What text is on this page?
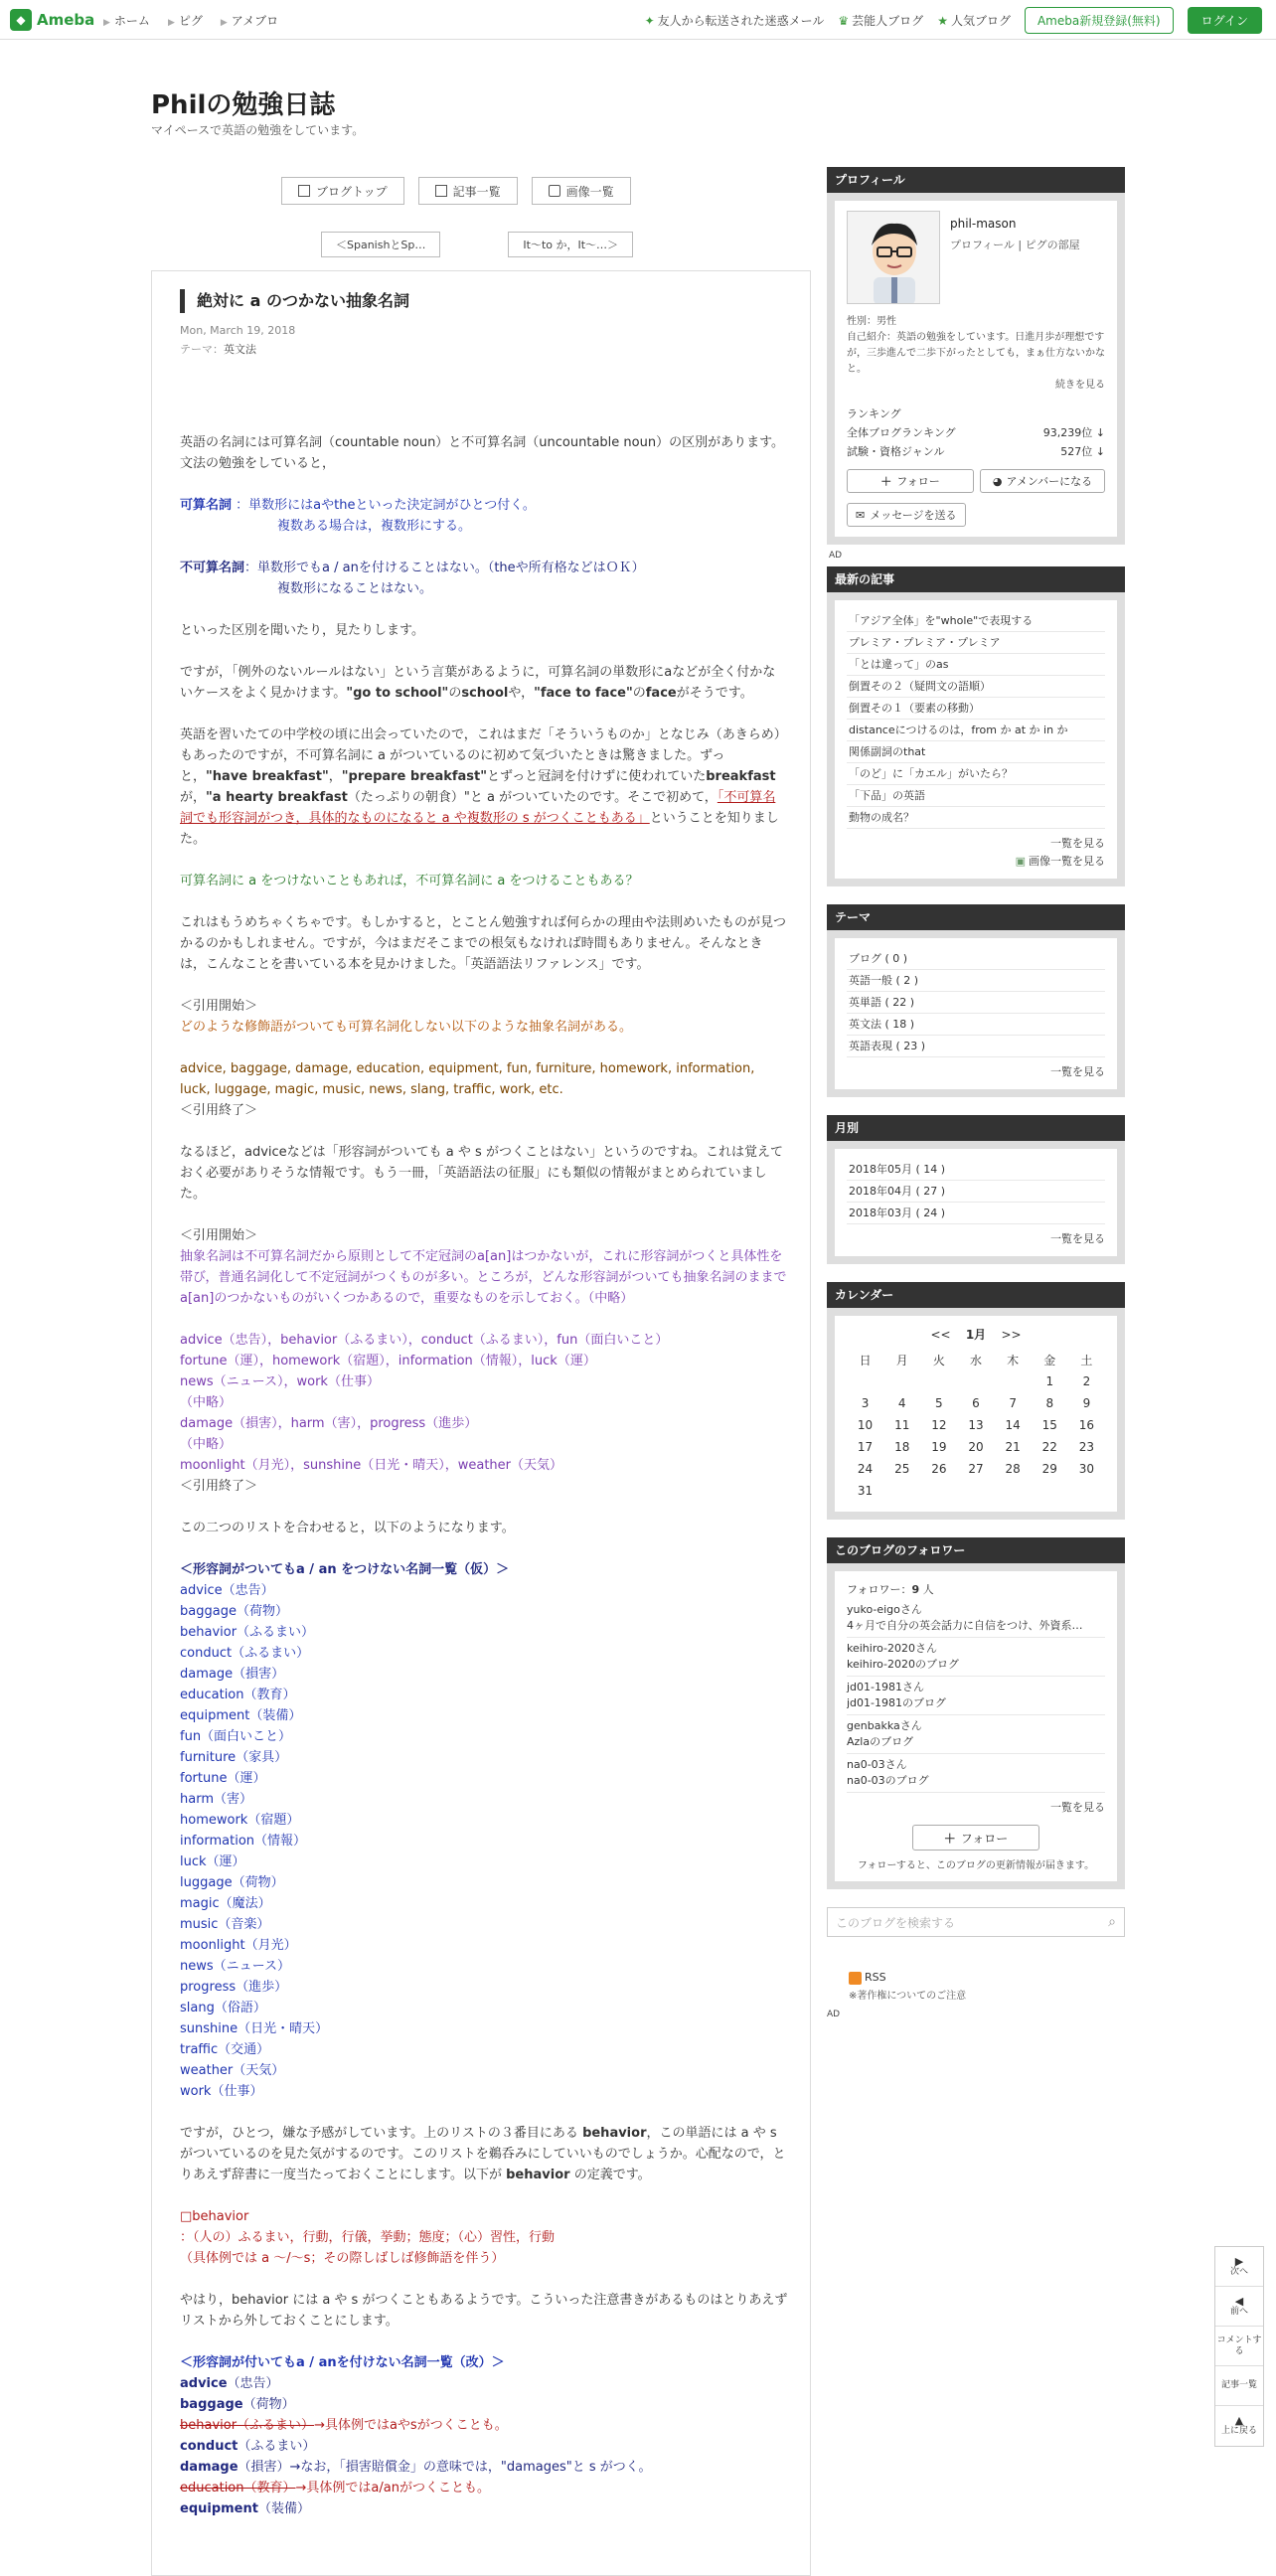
◆ Ameba ▶ ホーム ▶ ピグ ▶ アメブロ	✦ 友人から転送された迷惑メール ♛ 芸能人ブログ ★ 人気ブログ	Ameba新規登録(無料)	ログイン
Philの勉強日誌
マイペースで英語の勉強をしています。
ブログトップ	記事一覧	画像一覧
＜SpanishとSp…	It～to か，It～…＞
絶対に a のつかない抽象名詞
Mon, March 19, 2018
テーマ：英文法

英語の名詞には可算名詞（countable noun）と不可算名詞（uncountable noun）の区別があります。文法の勉強をしていると，

可算名詞 ：単数形にはaやtheといった決定詞がひとつ付く。

複数ある場合は，複数形にする。

不可算名詞：単数形でもa / anを付けることはない。（theや所有格などはＯＫ）

複数形になることはない。

といった区別を聞いたり，見たりします。

ですが，「例外のないルールはない」という言葉があるように，可算名詞の単数形にaなどが全く付かないケースをよく見かけます。"go to school"のschoolや，"face to face"のfaceがそうです。

英語を習いたての中学校の頃に出会っていたので，これはまだ「そういうものか」となじみ（あきらめ）もあったのですが，不可算名詞に a がついているのに初めて気づいたときは驚きました。ずっと，"have breakfast"，"prepare breakfast"とずっと冠詞を付けずに使われていたbreakfastが，"a hearty breakfast（たっぷりの朝食）"と a がついていたのです。そこで初めて，「不可算名詞でも形容詞がつき，具体的なものになると a や複数形の s がつくこともある」ということを知りました。

可算名詞に a をつけないこともあれば，不可算名詞に a をつけることもある？

これはもうめちゃくちゃです。もしかすると，とことん勉強すれば何らかの理由や法則めいたものが見つかるのかもしれません。ですが，今はまだそこまでの根気もなければ時間もありません。そんなときは，こんなことを書いている本を見かけました。「英語語法リファレンス」です。

＜引用開始＞

どのような修飾語がついても可算名詞化しない以下のような抽象名詞がある。

advice, baggage, damage, education, equipment, fun, furniture, homework, information, luck, luggage, magic, music, news, slang, traffic, work, etc.

＜引用終了＞

なるほど，adviceなどは「形容詞がついても a や s がつくことはない」というのですね。これは覚えておく必要がありそうな情報です。もう一冊，「英語語法の征服」にも類似の情報がまとめられていました。

＜引用開始＞

抽象名詞は不可算名詞だから原則として不定冠詞のa[an]はつかないが，これに形容詞がつくと具体性を帯び，普通名詞化して不定冠詞がつくものが多い。ところが，どんな形容詞がついても抽象名詞のままでa[an]のつかないものがいくつかあるので，重要なものを示しておく。（中略）

advice（忠告），behavior（ふるまい），conduct（ふるまい），fun（面白いこと）

fortune（運），homework（宿題），information（情報），luck（運）

news（ニュース），work（仕事）

（中略）

damage（損害），harm（害），progress（進歩）

（中略）

moonlight（月光），sunshine（日光・晴天），weather（天気）

＜引用終了＞

この二つのリストを合わせると，以下のようになります。

＜形容詞がついてもa / an をつけない名詞一覧（仮）＞

advice（忠告）

baggage（荷物）

behavior（ふるまい）

conduct（ふるまい）

damage（損害）

education（教育）

equipment（装備）

fun（面白いこと）

furniture（家具）

fortune（運）

harm（害）

homework（宿題）

information（情報）

luck（運）

luggage（荷物）

magic（魔法）

music（音楽）

moonlight（月光）

news（ニュース）

progress（進歩）

slang（俗語）

sunshine（日光・晴天）

traffic（交通）

weather（天気）

work（仕事）

ですが，ひとつ，嫌な予感がしています。上のリストの３番目にある behavior，この単語には a や s がついているのを見た気がするのです。このリストを鵜呑みにしていいものでしょうか。心配なので，とりあえず辞書に一度当たっておくことにします。以下が behavior の定義です。

□behavior

：（人の）ふるまい，行動，行儀，挙動；態度；（心）習性，行動

（具体例では a ～/～s；その際しばしば修飾語を伴う）

やはり，behavior には a や s がつくこともあるようです。こういった注意書きがあるものはとりあえずリストから外しておくことにします。

＜形容詞が付いてもa / anを付けない名詞一覧（改）＞

advice（忠告）

baggage（荷物）

behavior（ふるまい）→具体例ではaやsがつくことも。

conduct（ふるまい）

damage（損害）→なお，「損害賠償金」の意味では，"damages"と s がつく。

education（教育）→具体例ではa/anがつくことも。

equipment（装備）

プロフィール
phil-mason
プロフィール | ピグの部屋
性別：男性
自己紹介：英語の勉強をしています。日進月歩が理想ですが，三歩進んで二歩下がったとしても，まぁ仕方ないかなと。
続きを見る
ランキング
全体ブログランキング	93,239位 ↓
試験・資格ジャンル	527位 ↓
＋ フォロー	◕ アメンバーになる
✉ メッセージを送る
AD
最新の記事
「アジア全体」を"whole"で表現する
プレミア・プレミア・プレミア
「とは違って」のas
倒置その２（疑問文の語順）
倒置その１（要素の移動）
distanceにつけるのは，from か at か in か
関係副詞のthat
「のど」に「カエル」がいたら？
「下品」の英語
動物の成名？
一覧を見る
▣ 画像一覧を見る
テーマ
ブログ ( 0 )
英語一般 ( 2 )
英単語 ( 22 )
英文法 ( 18 )
英語表現 ( 23 )
一覧を見る
月別
2018年05月 ( 14 )
2018年04月 ( 27 )
2018年03月 ( 24 )
一覧を見る
カレンダー
<< 1月 >>
日	月	火	水	木	金	土
					1	2
3	4	5	6	7	8	9
10	11	12	13	14	15	16
17	18	19	20	21	22	23
24	25	26	27	28	29	30
31						
このブログのフォロワー
フォロワー：9 人
yuko-eigoさん
4ヶ月で自分の英会話力に自信をつけ、外資系…
keihiro-2020さん
keihiro-2020のブログ
jd01-1981さん
jd01-1981のブログ
genbakkaさん
Azlaのブログ
na0-03さん
na0-03のブログ
一覧を見る
＋ フォロー
フォローすると、このブログの更新情報が届きます。
このブログを検索する	⌕
RSS
※著作権についてのご注意
AD
▶
次へ
◀
前へ
コメントする
記事一覧
▲
上に戻る
